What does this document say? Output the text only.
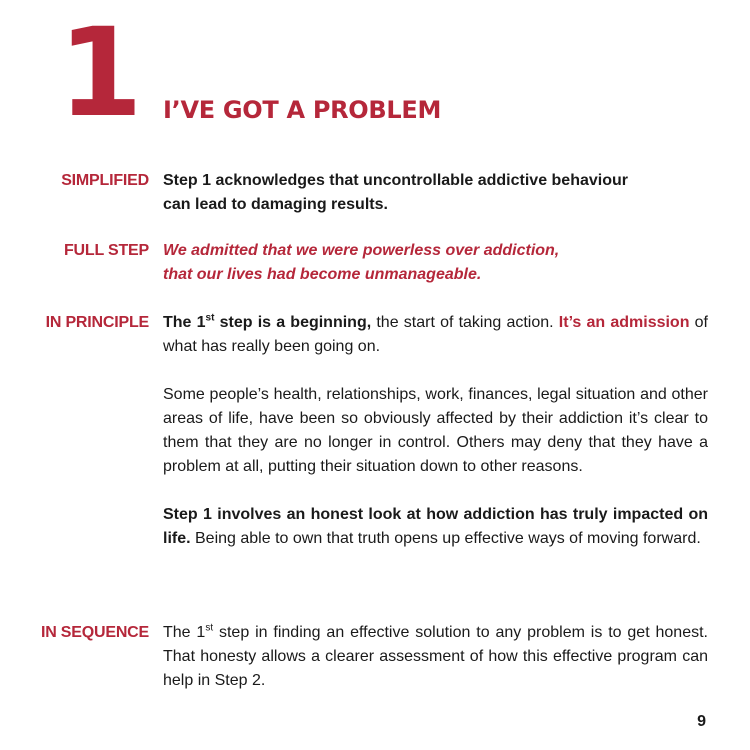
1 I’VE GOT A PROBLEM
SIMPLIFIED Step 1 acknowledges that uncontrollable addictive behaviour
can lead to damaging results.
FULL STEP We admitted that we were powerless over addiction,
that our lives had become unmanageable.
IN PRINCIPLE The 1st step is a beginning, the start of taking action. It’s an admission of what has really been going on.

Some people’s health, relationships, work, finances, legal situation and other areas of life, have been so obviously affected by their addiction it’s clear to them that they are no longer in control. Others may deny that they have a problem at all, putting their situation down to other reasons.

Step 1 involves an honest look at how addiction has truly impacted on life. Being able to own that truth opens up effective ways of moving forward.

IN SEQUENCE The 1st step in finding an effective solution to any problem is to get honest. That honesty allows a clearer assessment of how this effective program can help in Step 2.

9
